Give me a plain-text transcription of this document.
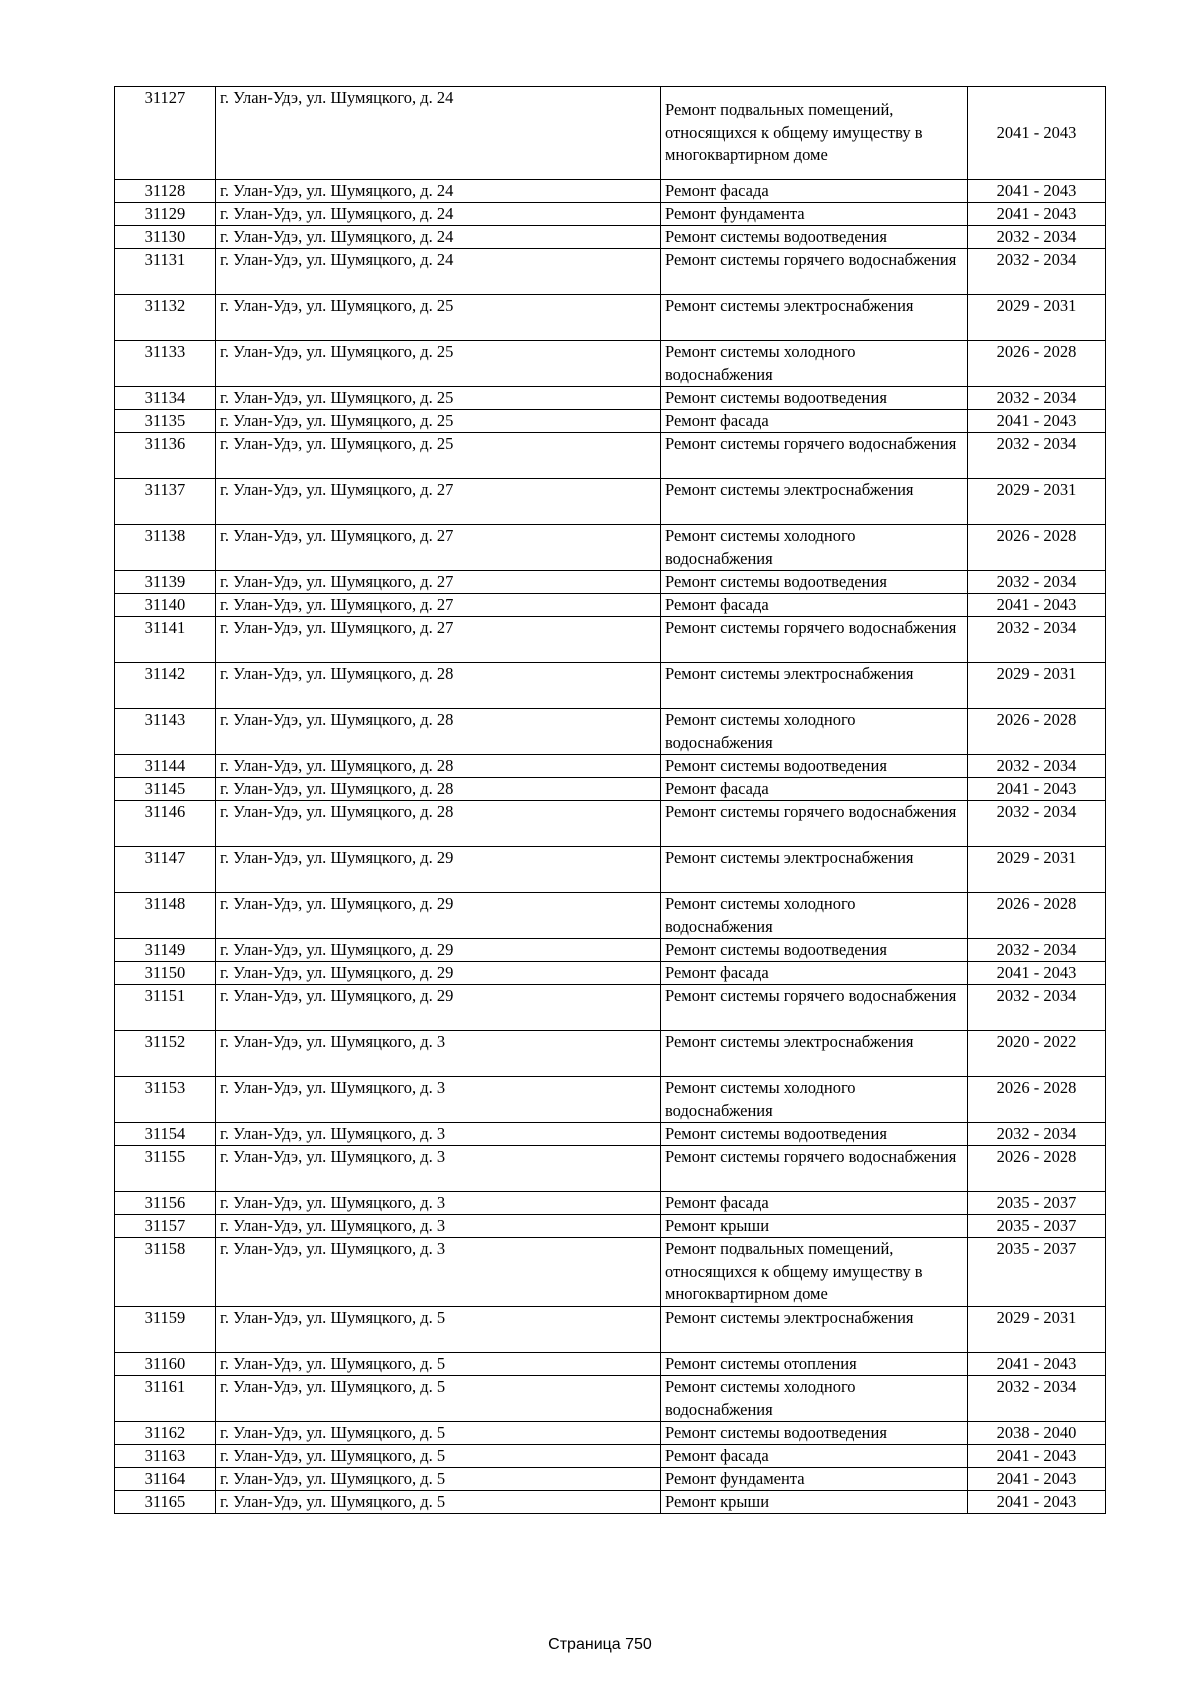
31127	г. Улан-Удэ, ул. Шумяцкого, д. 24	Ремонт подвальных помещений, относящихся к общему имуществу в многоквартирном доме	2041 - 2043
31128	г. Улан-Удэ, ул. Шумяцкого, д. 24	Ремонт фасада	2041 - 2043
31129	г. Улан-Удэ, ул. Шумяцкого, д. 24	Ремонт фундамента	2041 - 2043
31130	г. Улан-Удэ, ул. Шумяцкого, д. 24	Ремонт системы водоотведения	2032 - 2034
31131	г. Улан-Удэ, ул. Шумяцкого, д. 24	Ремонт системы горячего водоснабжения	2032 - 2034
31132	г. Улан-Удэ, ул. Шумяцкого, д. 25	Ремонт системы электроснабжения	2029 - 2031
31133	г. Улан-Удэ, ул. Шумяцкого, д. 25	Ремонт системы холодного водоснабжения	2026 - 2028
31134	г. Улан-Удэ, ул. Шумяцкого, д. 25	Ремонт системы водоотведения	2032 - 2034
31135	г. Улан-Удэ, ул. Шумяцкого, д. 25	Ремонт фасада	2041 - 2043
31136	г. Улан-Удэ, ул. Шумяцкого, д. 25	Ремонт системы горячего водоснабжения	2032 - 2034
31137	г. Улан-Удэ, ул. Шумяцкого, д. 27	Ремонт системы электроснабжения	2029 - 2031
31138	г. Улан-Удэ, ул. Шумяцкого, д. 27	Ремонт системы холодного водоснабжения	2026 - 2028
31139	г. Улан-Удэ, ул. Шумяцкого, д. 27	Ремонт системы водоотведения	2032 - 2034
31140	г. Улан-Удэ, ул. Шумяцкого, д. 27	Ремонт фасада	2041 - 2043
31141	г. Улан-Удэ, ул. Шумяцкого, д. 27	Ремонт системы горячего водоснабжения	2032 - 2034
31142	г. Улан-Удэ, ул. Шумяцкого, д. 28	Ремонт системы электроснабжения	2029 - 2031
31143	г. Улан-Удэ, ул. Шумяцкого, д. 28	Ремонт системы холодного водоснабжения	2026 - 2028
31144	г. Улан-Удэ, ул. Шумяцкого, д. 28	Ремонт системы водоотведения	2032 - 2034
31145	г. Улан-Удэ, ул. Шумяцкого, д. 28	Ремонт фасада	2041 - 2043
31146	г. Улан-Удэ, ул. Шумяцкого, д. 28	Ремонт системы горячего водоснабжения	2032 - 2034
31147	г. Улан-Удэ, ул. Шумяцкого, д. 29	Ремонт системы электроснабжения	2029 - 2031
31148	г. Улан-Удэ, ул. Шумяцкого, д. 29	Ремонт системы холодного водоснабжения	2026 - 2028
31149	г. Улан-Удэ, ул. Шумяцкого, д. 29	Ремонт системы водоотведения	2032 - 2034
31150	г. Улан-Удэ, ул. Шумяцкого, д. 29	Ремонт фасада	2041 - 2043
31151	г. Улан-Удэ, ул. Шумяцкого, д. 29	Ремонт системы горячего водоснабжения	2032 - 2034
31152	г. Улан-Удэ, ул. Шумяцкого, д. 3	Ремонт системы электроснабжения	2020 - 2022
31153	г. Улан-Удэ, ул. Шумяцкого, д. 3	Ремонт системы холодного водоснабжения	2026 - 2028
31154	г. Улан-Удэ, ул. Шумяцкого, д. 3	Ремонт системы водоотведения	2032 - 2034
31155	г. Улан-Удэ, ул. Шумяцкого, д. 3	Ремонт системы горячего водоснабжения	2026 - 2028
31156	г. Улан-Удэ, ул. Шумяцкого, д. 3	Ремонт фасада	2035 - 2037
31157	г. Улан-Удэ, ул. Шумяцкого, д. 3	Ремонт крыши	2035 - 2037
31158	г. Улан-Удэ, ул. Шумяцкого, д. 3	Ремонт подвальных помещений, относящихся к общему имуществу в многоквартирном доме	2035 - 2037
31159	г. Улан-Удэ, ул. Шумяцкого, д. 5	Ремонт системы электроснабжения	2029 - 2031
31160	г. Улан-Удэ, ул. Шумяцкого, д. 5	Ремонт системы отопления	2041 - 2043
31161	г. Улан-Удэ, ул. Шумяцкого, д. 5	Ремонт системы холодного водоснабжения	2032 - 2034
31162	г. Улан-Удэ, ул. Шумяцкого, д. 5	Ремонт системы водоотведения	2038 - 2040
31163	г. Улан-Удэ, ул. Шумяцкого, д. 5	Ремонт фасада	2041 - 2043
31164	г. Улан-Удэ, ул. Шумяцкого, д. 5	Ремонт фундамента	2041 - 2043
31165	г. Улан-Удэ, ул. Шумяцкого, д. 5	Ремонт крыши	2041 - 2043
Страница 750
